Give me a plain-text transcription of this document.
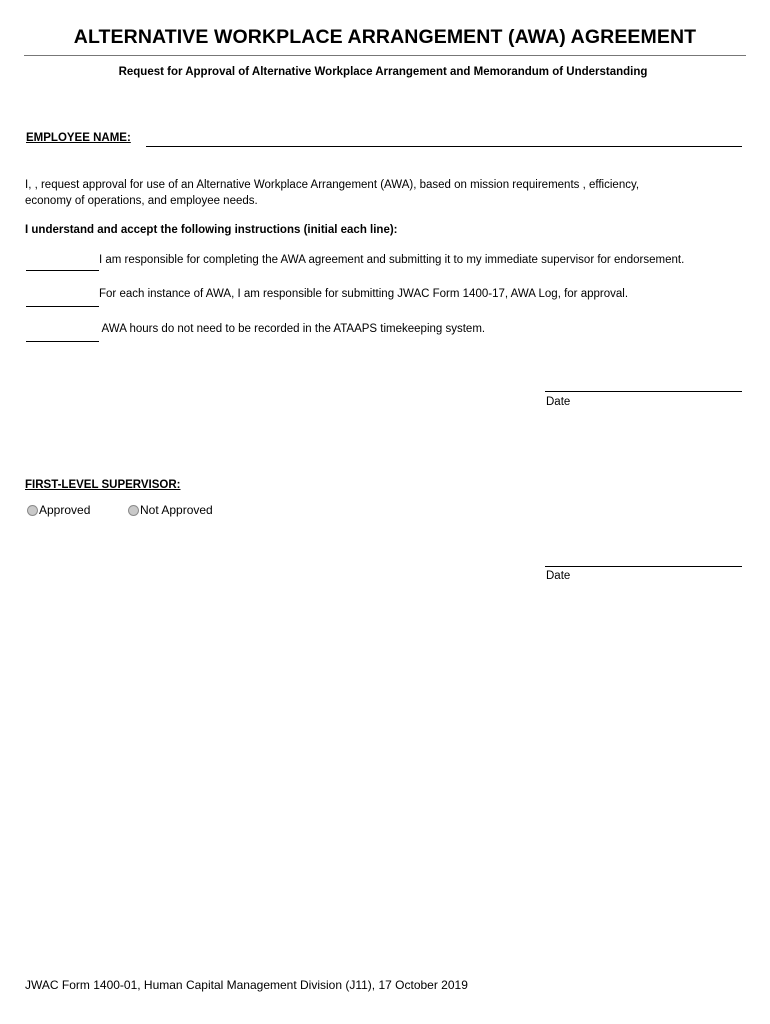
ALTERNATIVE WORKPLACE ARRANGEMENT (AWA) AGREEMENT
Request for Approval of Alternative Workplace Arrangement and Memorandum of Understanding
EMPLOYEE NAME:
I, , request approval for use of an Alternative Workplace Arrangement (AWA), based on mission requirements , efficiency,
economy of operations, and employee needs.
I understand and accept the following instructions (initial each line):
I am responsible for completing the AWA agreement and submitting it to my immediate supervisor for endorsement.
For each instance of AWA, I am responsible for submitting JWAC Form 1400-17, AWA Log, for approval.
AWA hours do not need to be recorded in the ATAAPS timekeeping system.
Date
FIRST-LEVEL SUPERVISOR:
Approved	Not Approved
Date
JWAC Form 1400-01, Human Capital Management Division (J11), 17 October 2019
